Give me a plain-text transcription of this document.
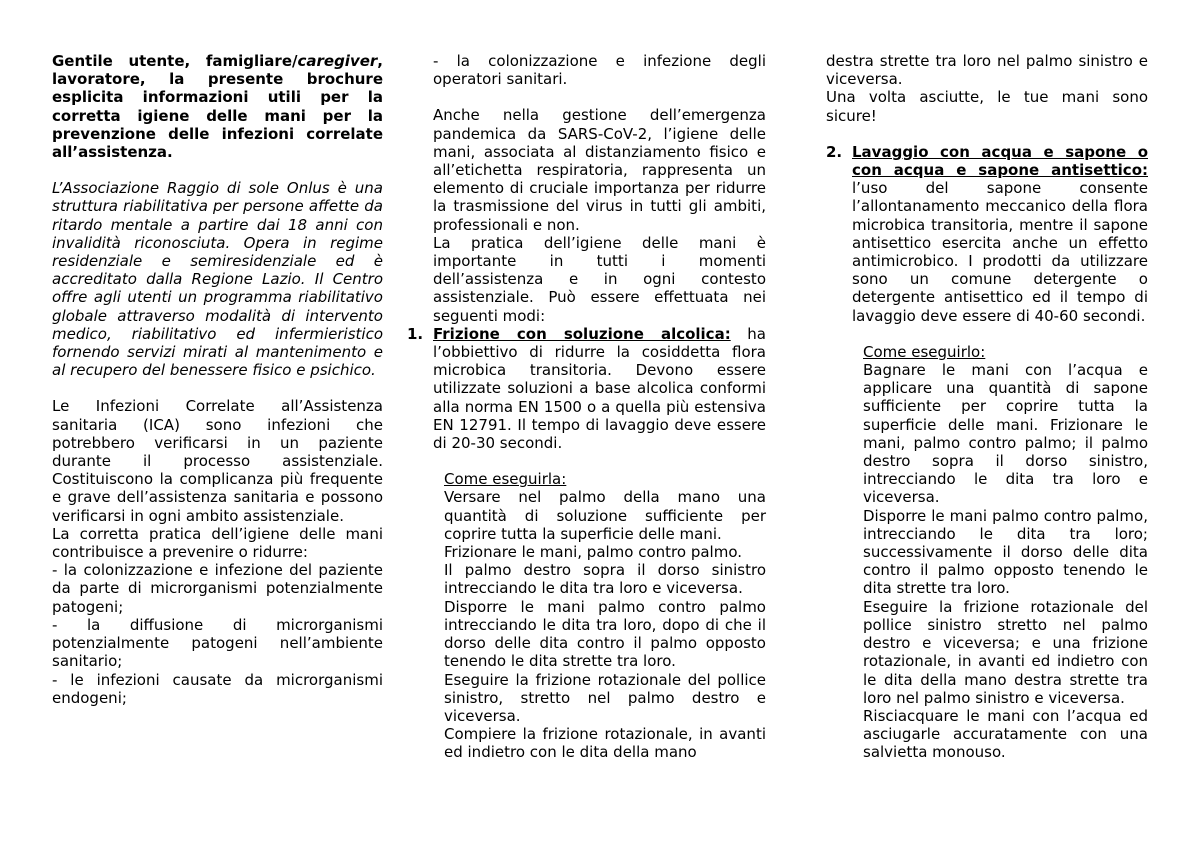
Gentile utente, famigliare/caregiver, lavoratore, la presente brochure esplicita informazioni utili per la corretta igiene delle mani per la prevenzione delle infezioni correlate all’assistenza.

L’Associazione Raggio di sole Onlus è una struttura riabilitativa per persone affette da ritardo mentale a partire dai 18 anni con invalidità riconosciuta. Opera in regime residenziale e semiresidenziale ed è accreditato dalla Regione Lazio. Il Centro offre agli utenti un programma riabilitativo globale attraverso modalità di intervento medico, riabilitativo ed infermieristico fornendo servizi mirati al mantenimento e al recupero del benessere fisico e psichico.

Le Infezioni Correlate all’Assistenza sanitaria (ICA) sono infezioni che potrebbero verificarsi in un paziente durante il processo assistenziale. Costituiscono la complicanza più frequente e grave dell’assistenza sanitaria e possono verificarsi in ogni ambito assistenziale.

La corretta pratica dell’igiene delle mani contribuisce a prevenire o ridurre:

- la colonizzazione e infezione del paziente da parte di microrganismi potenzialmente patogeni;

- la diffusione di microrganismi potenzialmente patogeni nell’ambiente sanitario;

- le infezioni causate da microrganismi endogeni;

- la colonizzazione e infezione degli operatori sanitari.

Anche nella gestione dell’emergenza pandemica da SARS-CoV-2, l’igiene delle mani, associata al distanziamento fisico e all’etichetta respiratoria, rappresenta un elemento di cruciale importanza per ridurre la trasmissione del virus in tutti gli ambiti, professionali e non.

La pratica dell’igiene delle mani è importante in tutti i momenti dell’assistenza e in ogni contesto assistenziale. Può essere effettuata nei seguenti modi:

1. Frizione con soluzione alcolica: ha l’obbiettivo di ridurre la cosiddetta flora microbica transitoria. Devono essere utilizzate soluzioni a base alcolica conformi alla norma EN 1500 o a quella più estensiva EN 12791. Il tempo di lavaggio deve essere di 20-30 secondi.

Come eseguirla:

Versare nel palmo della mano una quantità di soluzione sufficiente per coprire tutta la superficie delle mani.

Frizionare le mani, palmo contro palmo.

Il palmo destro sopra il dorso sinistro intrecciando le dita tra loro e viceversa.

Disporre le mani palmo contro palmo intrecciando le dita tra loro, dopo di che il dorso delle dita contro il palmo opposto tenendo le dita strette tra loro.

Eseguire la frizione rotazionale del pollice sinistro, stretto nel palmo destro e viceversa.

Compiere la frizione rotazionale, in avanti ed indietro con le dita della mano

destra strette tra loro nel palmo sinistro e viceversa.

Una volta asciutte, le tue mani sono sicure!

2. Lavaggio con acqua e sapone o con acqua e sapone antisettico: l’uso del sapone consente l’allontanamento meccanico della flora microbica transitoria, mentre il sapone antisettico esercita anche un effetto antimicrobico. I prodotti da utilizzare sono un comune detergente o detergente antisettico ed il tempo di lavaggio deve essere di 40-60 secondi.

Come eseguirlo:

Bagnare le mani con l’acqua e applicare una quantità di sapone sufficiente per coprire tutta la superficie delle mani. Frizionare le mani, palmo contro palmo; il palmo destro sopra il dorso sinistro, intrecciando le dita tra loro e viceversa.

Disporre le mani palmo contro palmo, intrecciando le dita tra loro; successivamente il dorso delle dita contro il palmo opposto tenendo le dita strette tra loro.

Eseguire la frizione rotazionale del pollice sinistro stretto nel palmo destro e viceversa; e una frizione rotazionale, in avanti ed indietro con le dita della mano destra strette tra loro nel palmo sinistro e viceversa.

Risciacquare le mani con l’acqua ed asciugarle accuratamente con una salvietta monouso.
